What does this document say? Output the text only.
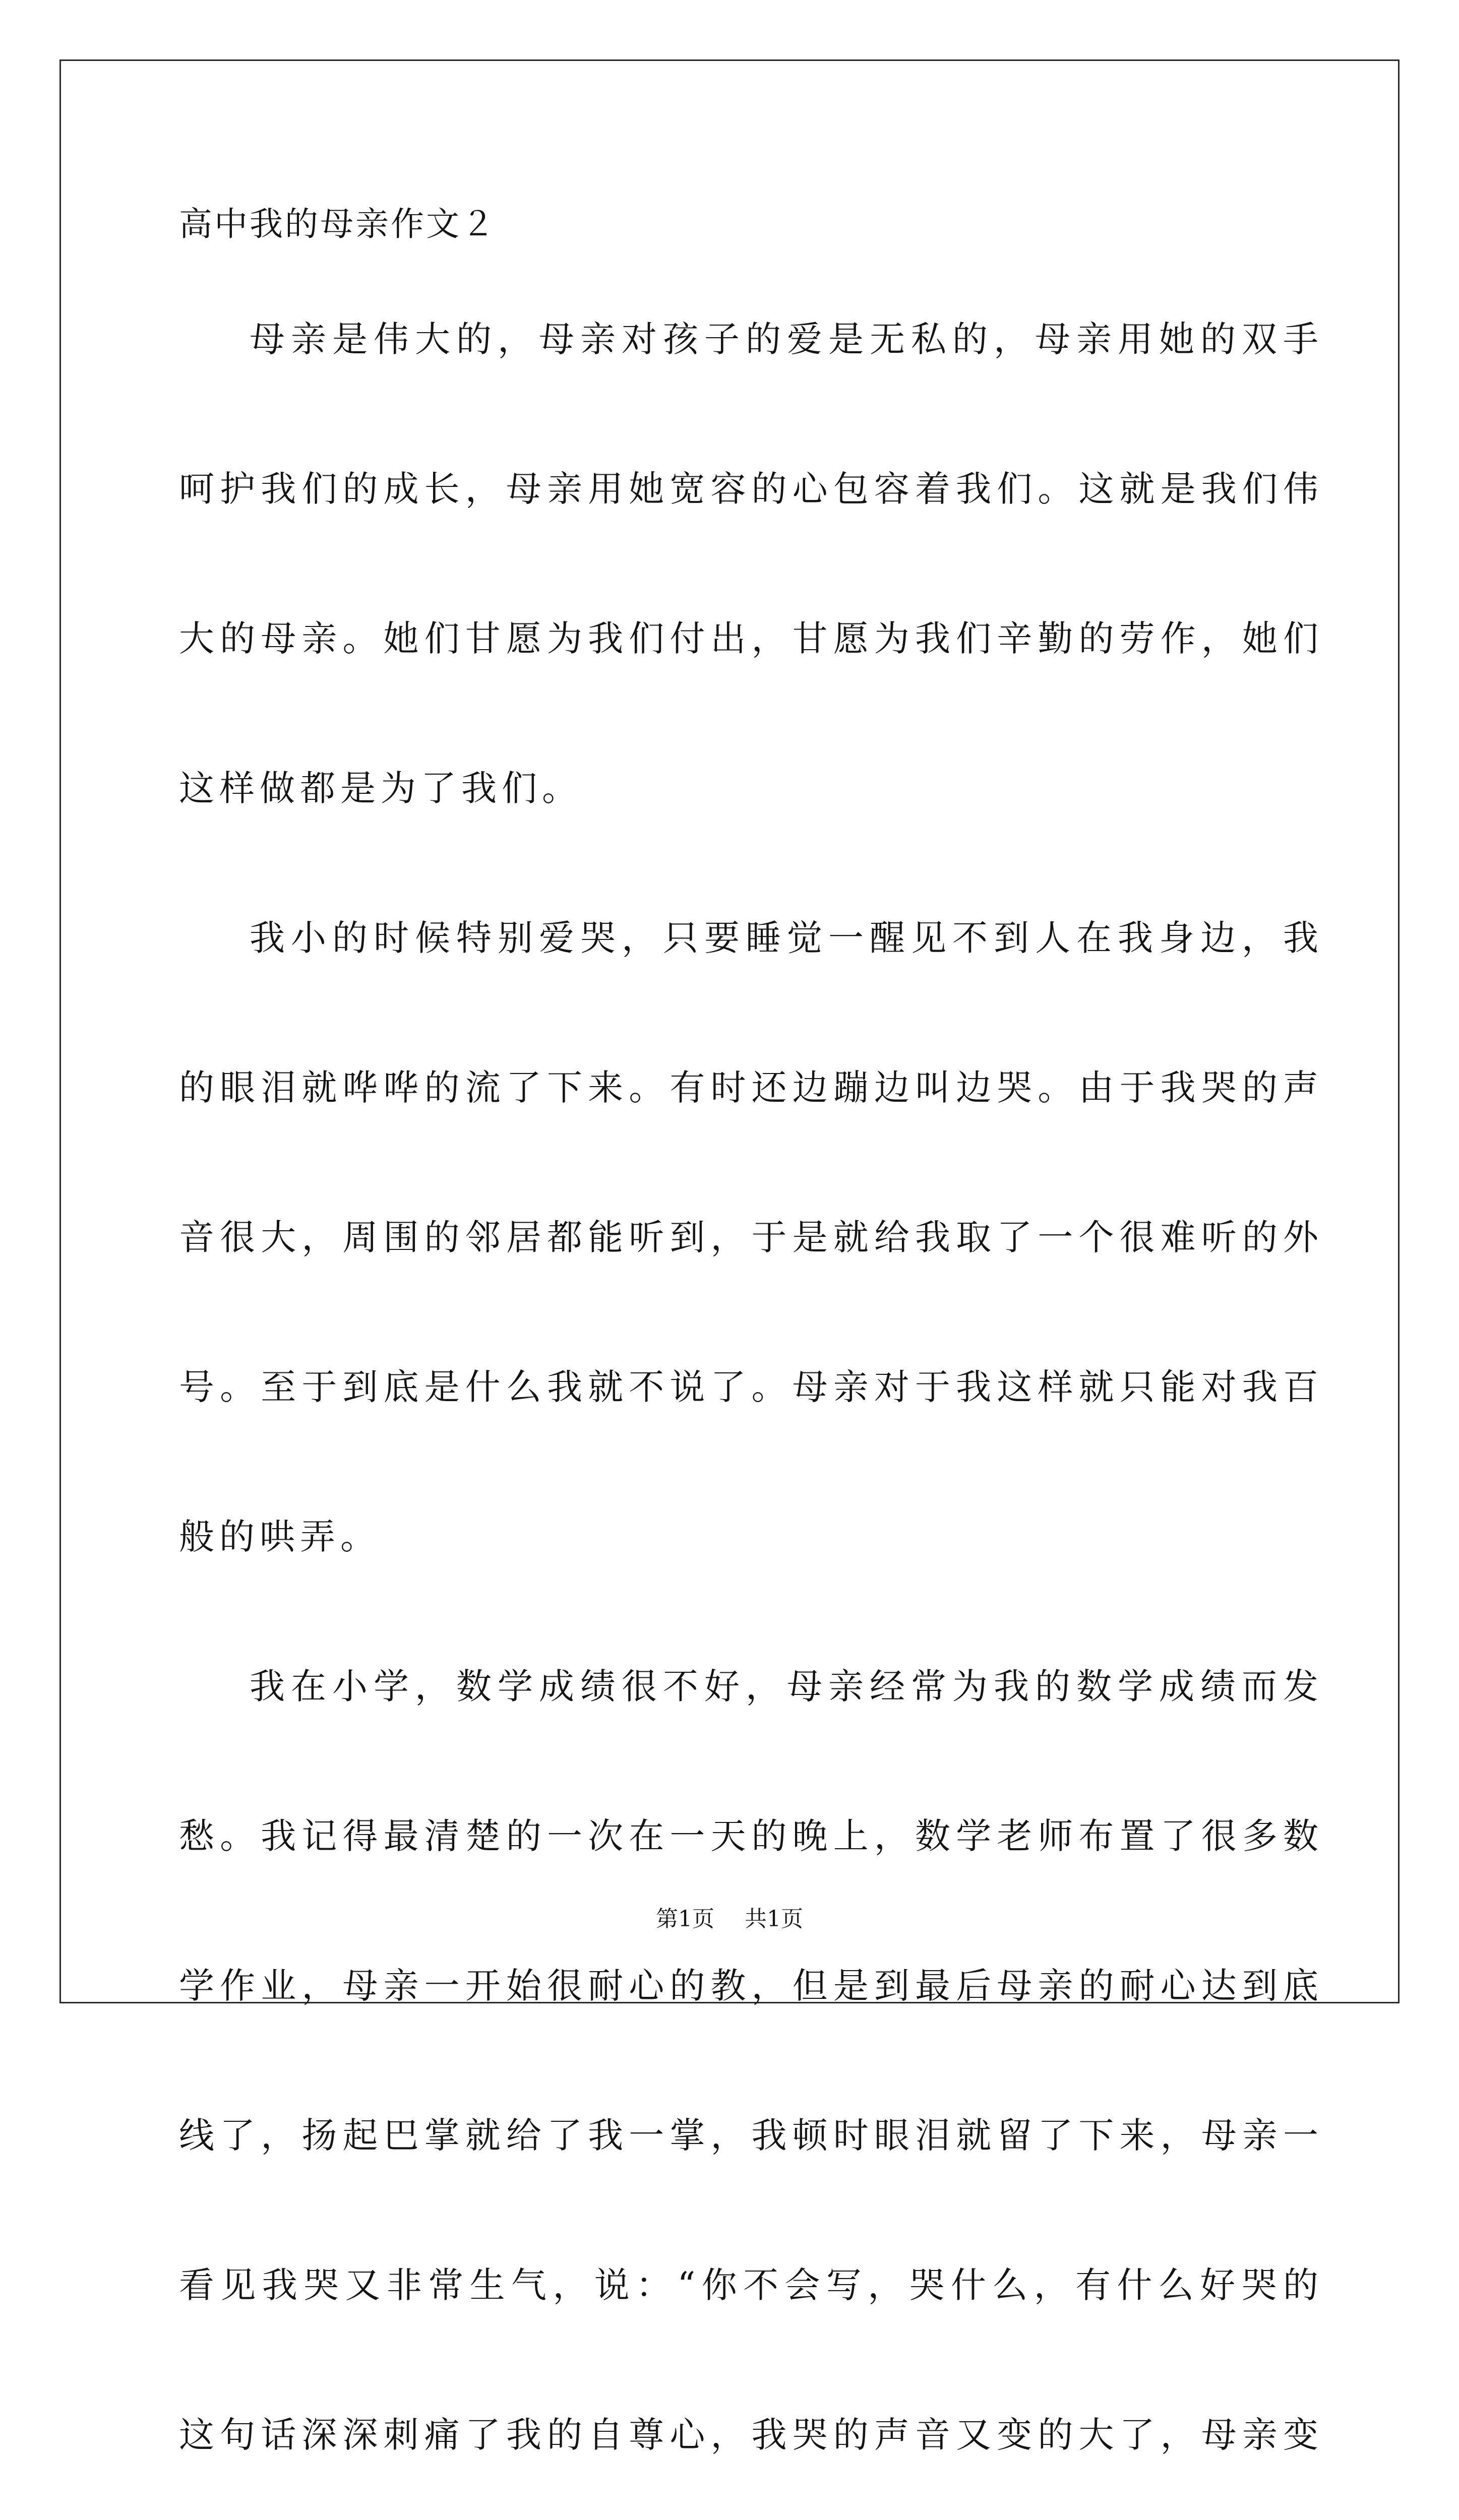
高中我的母亲作文２

母亲是伟大的，母亲对孩子的爱是无私的，母亲用她的双手呵护我们的成长，母亲用她宽容的心包容着我们。这就是我们伟大的母亲。她们甘愿为我们付出，甘愿为我们辛勤的劳作，她们这样做都是为了我们。

我小的时候特别爱哭，只要睡觉一醒见不到人在我身边，我的眼泪就哗哗的流了下来。有时还边蹦边叫边哭。由于我哭的声音很大，周围的邻居都能听到，于是就给我取了一个很难听的外号。至于到底是什么我就不说了。母亲对于我这样就只能对我百般的哄弄。

我在小学，数学成绩很不好，母亲经常为我的数学成绩而发愁。我记得最清楚的一次在一天的晚上，数学老师布置了很多数学作业，母亲一开始很耐心的教，但是到最后母亲的耐心达到底线了，扬起巴掌就给了我一掌，我顿时眼泪就留了下来，母亲一看见我哭又非常生气，说：“你不会写，哭什么，有什么好哭的这句话深深刺痛了我的自尊心，我哭的声音又变的大了，母亲变

第1页 共1页
